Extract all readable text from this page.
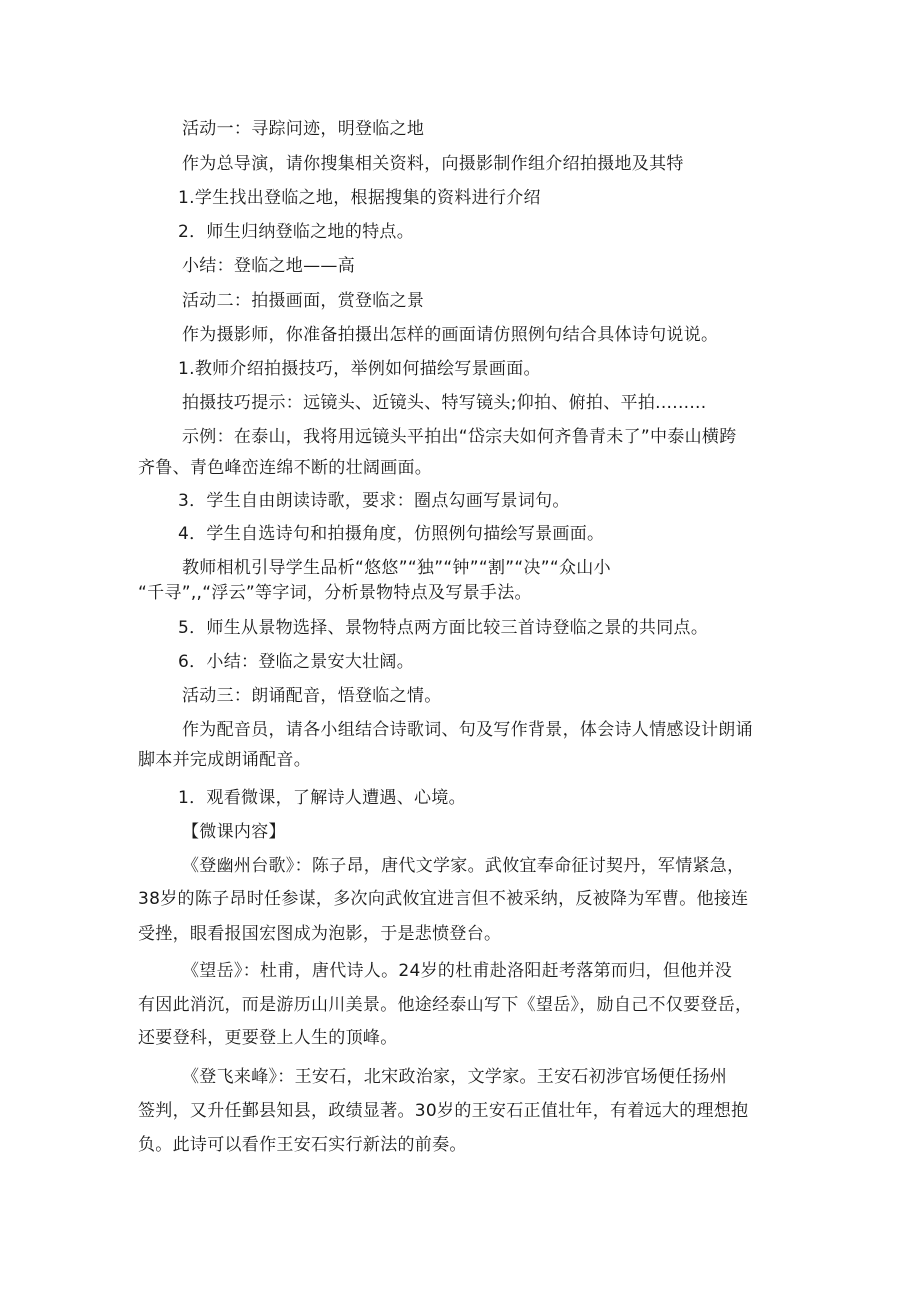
活动一：寻踪问迹，明登临之地
作为总导演，请你搜集相关资料，向摄影制作组介绍拍摄地及其特
1.学生找出登临之地，根据搜集的资料进行介绍
2．师生归纳登临之地的特点。
小结：登临之地——高
活动二：拍摄画面，赏登临之景
作为摄影师，你准备拍摄出怎样的画面请仿照例句结合具体诗句说说。
1.教师介绍拍摄技巧，举例如何描绘写景画面。
拍摄技巧提示：远镜头、近镜头、特写镜头;仰拍、俯拍、平拍.........
示例：在泰山，我将用远镜头平拍出“岱宗夫如何齐鲁青未了”中泰山横跨
齐鲁、青色峰峦连绵不断的壮阔画面。
3．学生自由朗读诗歌，要求：圈点勾画写景词句。
4．学生自选诗句和拍摄角度，仿照例句描绘写景画面。
教师相机引导学生品析“悠悠”“独”“钟”“割”“决”“众山小
“千寻”,,“浮云”等字词，分析景物特点及写景手法。
5．师生从景物选择、景物特点两方面比较三首诗登临之景的共同点。
6．小结：登临之景安大壮阔。
活动三：朗诵配音，悟登临之情。
作为配音员，请各小组结合诗歌词、句及写作背景，体会诗人情感设计朗诵
脚本并完成朗诵配音。
1．观看微课，了解诗人遭遇、心境。
【微课内容】
《登幽州台歌》：陈子昂，唐代文学家。武攸宜奉命征讨契丹，军情紧急，
38岁的陈子昂时任参谋，多次向武攸宜进言但不被采纳，反被降为军曹。他接连
受挫，眼看报国宏图成为泡影，于是悲愤登台。
《望岳》：杜甫，唐代诗人。24岁的杜甫赴洛阳赶考落第而归，但他并没
有因此消沉，而是游历山川美景。他途经泰山写下《望岳》，励自己不仅要登岳，
还要登科，更要登上人生的顶峰。
《登飞来峰》：王安石，北宋政治家，文学家。王安石初涉官场便任扬州
签判，又升任鄞县知县，政绩显著。30岁的王安石正值壮年，有着远大的理想抱
负。此诗可以看作王安石实行新法的前奏。
